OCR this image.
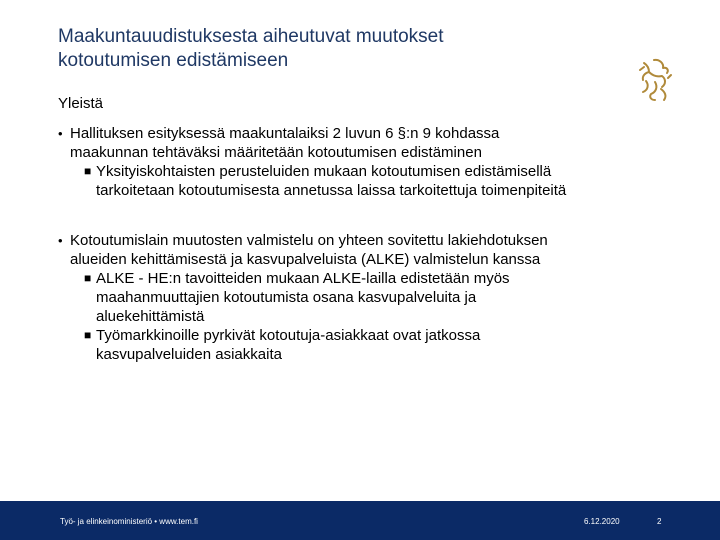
Maakuntauudistuksesta aiheutuvat muutokset
kotoutumisen edistämiseen
Yleistä
• Hallituksen esityksessä maakuntalaiksi 2 luvun 6 §:n 9 kohdassa
maakunnan tehtäväksi määritetään kotoutumisen edistäminen
■ Yksityiskohtaisten perusteluiden mukaan kotoutumisen edistämisellä
tarkoitetaan kotoutumisesta annetussa laissa tarkoitettuja toimenpiteitä
• Kotoutumislain muutosten valmistelu on yhteen sovitettu lakiehdotuksen
alueiden kehittämisestä ja kasvupalveluista (ALKE) valmistelun kanssa
■ ALKE - HE:n tavoitteiden mukaan ALKE-lailla edistetään myös
maahanmuuttajien kotoutumista osana kasvupalveluita ja
aluekehittämistä
■ Työmarkkinoille pyrkivät kotoutuja-asiakkaat ovat jatkossa
kasvupalveluiden asiakkaita
Työ- ja elinkeinoministeriö • www.tem.fi	6.12.2020	2
